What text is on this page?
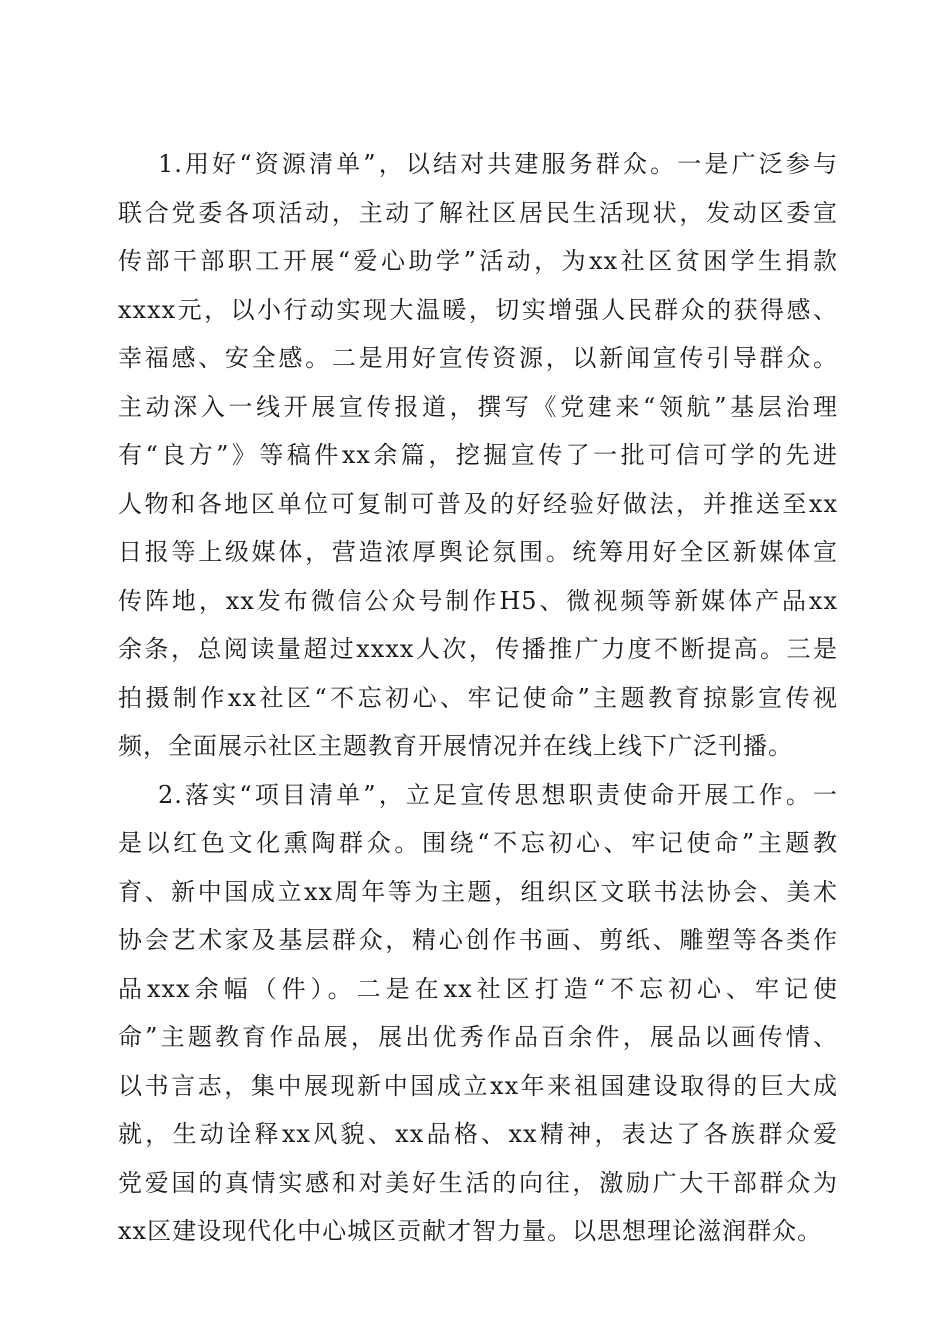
1.用好“资源清单”，以结对共建服务群众。一是广泛参与
联合党委各项活动，主动了解社区居民生活现状，发动区委宣
传部干部职工开展“爱心助学”活动，为xx社区贫困学生捐款
xxxx元，以小行动实现大温暖，切实增强人民群众的获得感、
幸福感、安全感。二是用好宣传资源，以新闻宣传引导群众。
主动深入一线开展宣传报道，撰写《党建来“领航”基层治理
有“良方”》等稿件xx余篇，挖掘宣传了一批可信可学的先进
人物和各地区单位可复制可普及的好经验好做法，并推送至xx
日报等上级媒体，营造浓厚舆论氛围。统筹用好全区新媒体宣
传阵地，xx发布微信公众号制作H5、微视频等新媒体产品xx
余条，总阅读量超过xxxx人次，传播推广力度不断提高。三是
拍摄制作xx社区“不忘初心、牢记使命”主题教育掠影宣传视
频，全面展示社区主题教育开展情况并在线上线下广泛刊播。
2.落实“项目清单”，立足宣传思想职责使命开展工作。一
是以红色文化熏陶群众。围绕“不忘初心、牢记使命”主题教
育、新中国成立xx周年等为主题，组织区文联书法协会、美术
协会艺术家及基层群众，精心创作书画、剪纸、雕塑等各类作
品xxx余幅（件）。二是在xx社区打造“不忘初心、牢记使
命”主题教育作品展，展出优秀作品百余件，展品以画传情、
以书言志，集中展现新中国成立xx年来祖国建设取得的巨大成
就，生动诠释xx风貌、xx品格、xx精神，表达了各族群众爱
党爱国的真情实感和对美好生活的向往，激励广大干部群众为
xx区建设现代化中心城区贡献才智力量。以思想理论滋润群众。
